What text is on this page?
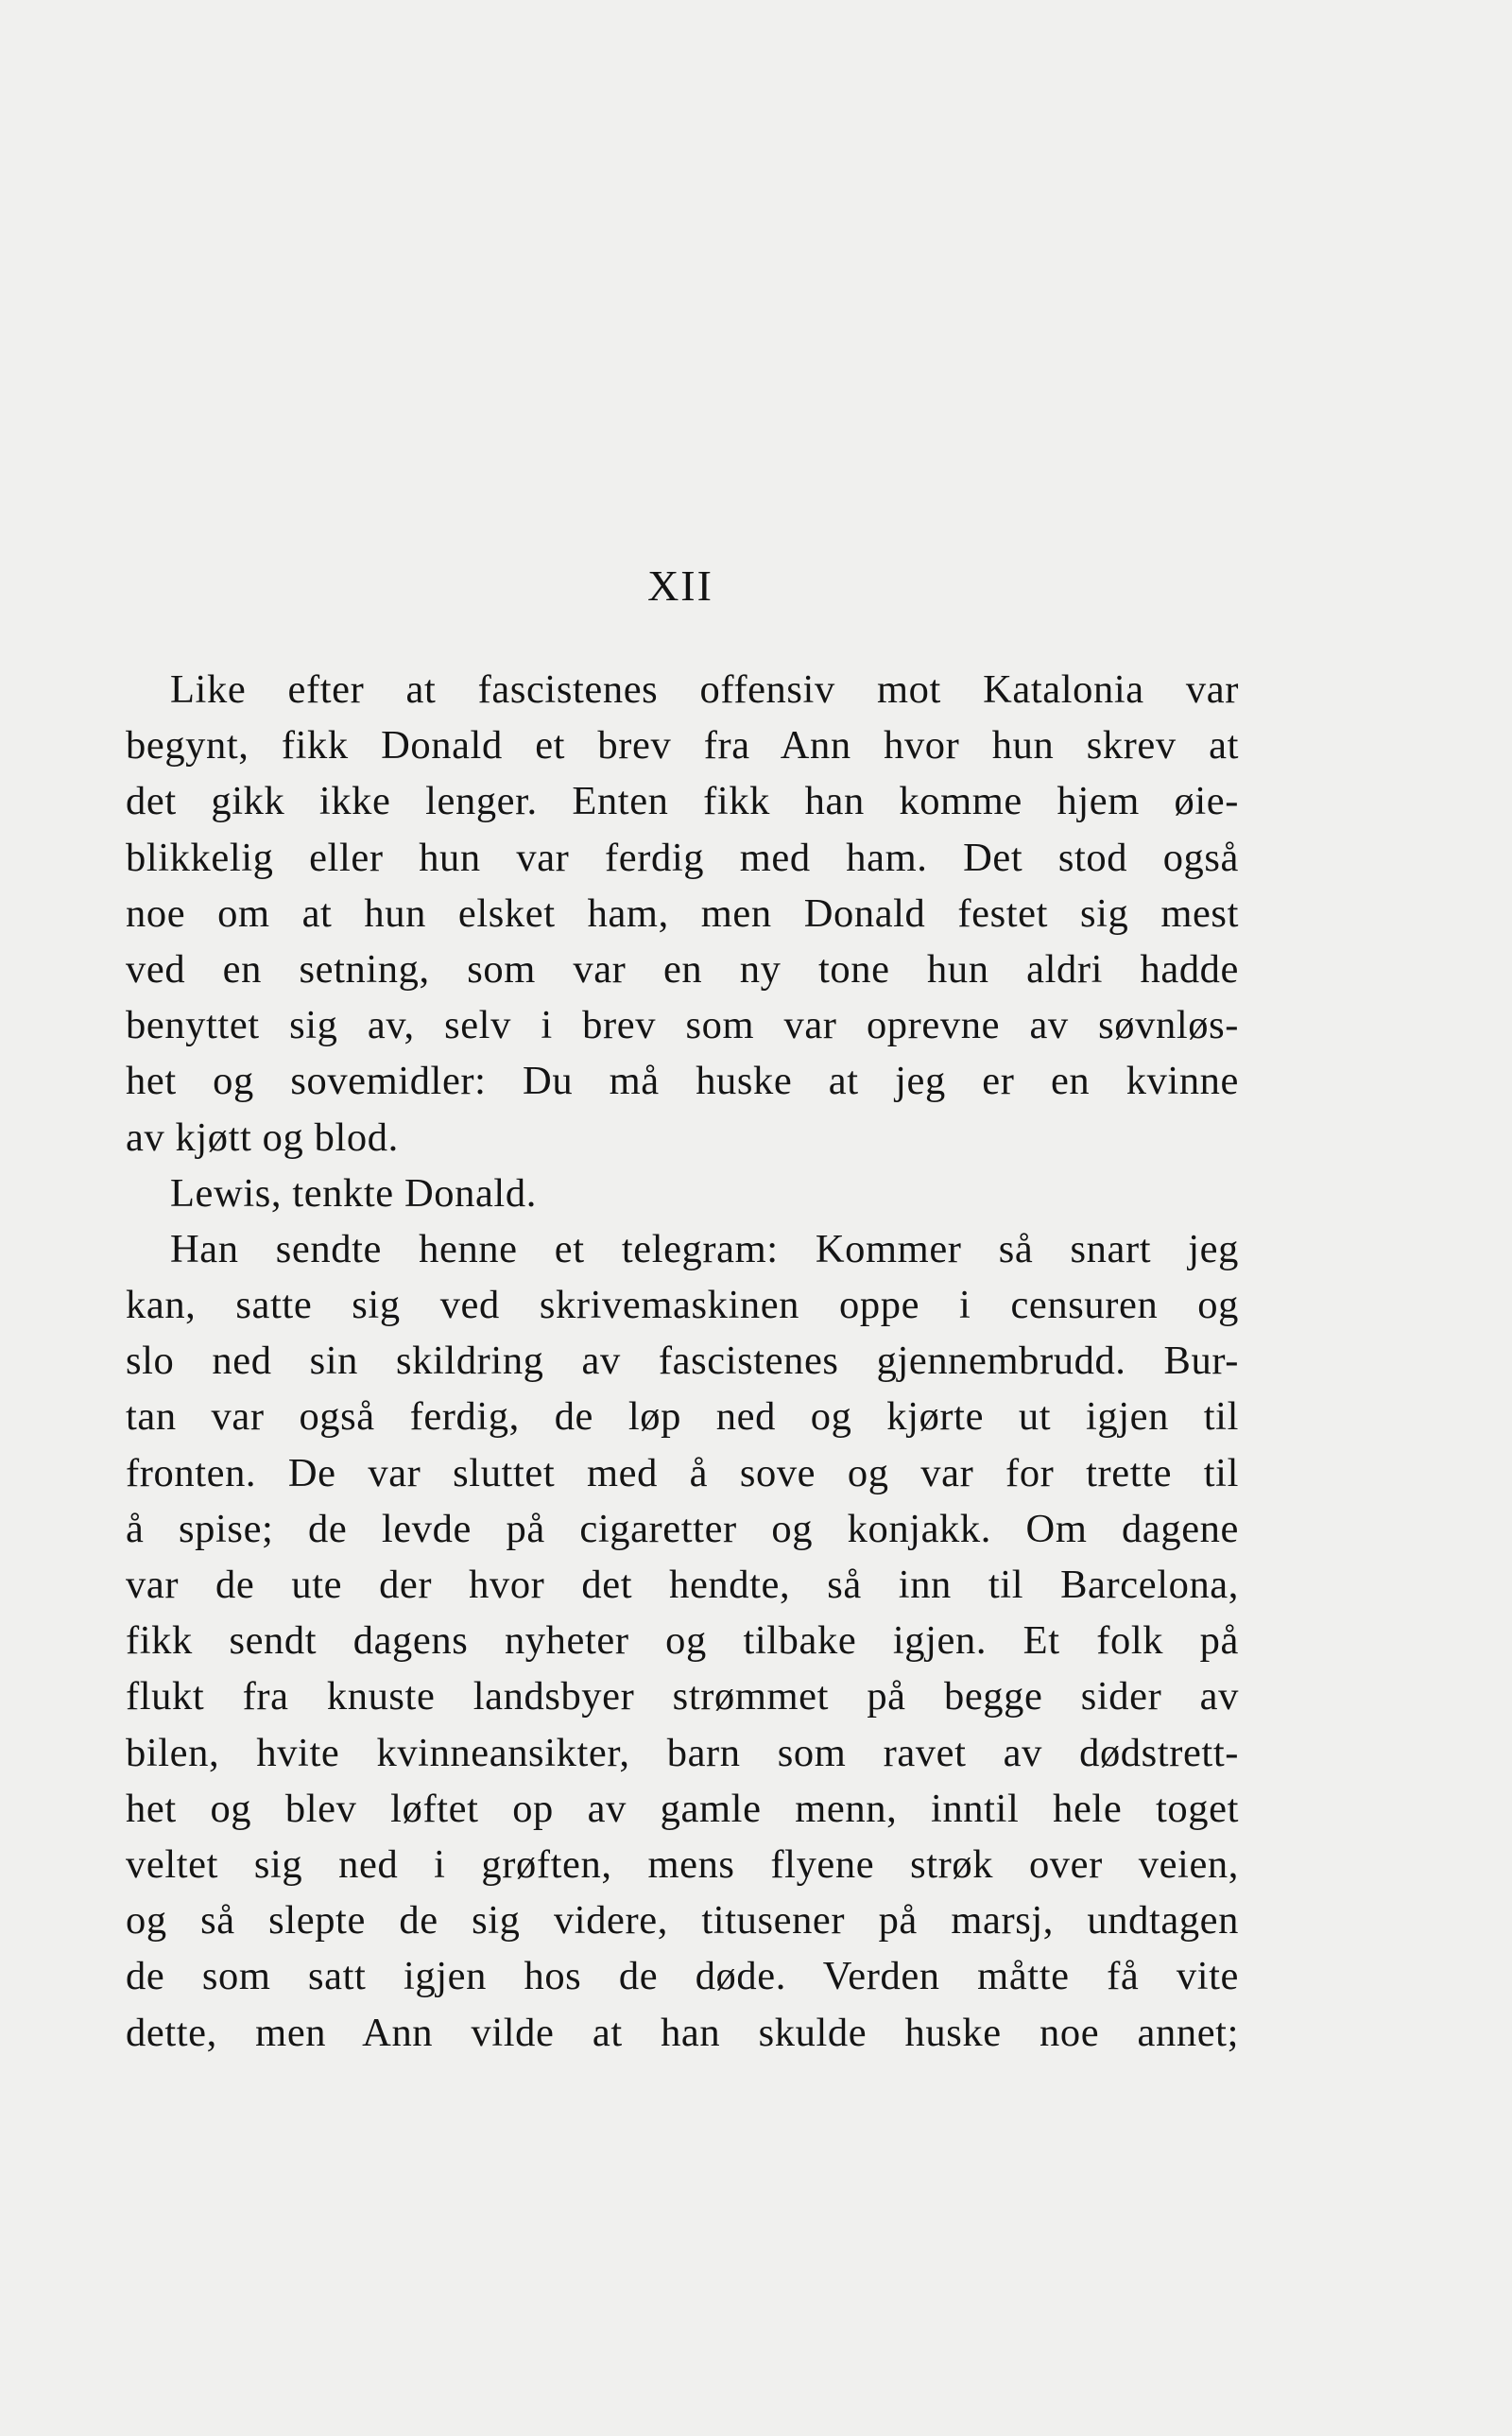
XII
Like efter at fascistenes offensiv mot Katalonia var
begynt, fikk Donald et brev fra Ann hvor hun skrev at
det gikk ikke lenger. Enten fikk han komme hjem øie-
blikkelig eller hun var ferdig med ham. Det stod også
noe om at hun elsket ham, men Donald festet sig mest
ved en setning, som var en ny tone hun aldri hadde
benyttet sig av, selv i brev som var oprevne av søvnløs-
het og sovemidler: Du må huske at jeg er en kvinne
av kjøtt og blod.
Lewis, tenkte Donald.
Han sendte henne et telegram: Kommer så snart jeg
kan, satte sig ved skrivemaskinen oppe i censuren og
slo ned sin skildring av fascistenes gjennembrudd. Bur-
tan var også ferdig, de løp ned og kjørte ut igjen til
fronten. De var sluttet med å sove og var for trette til
å spise; de levde på cigaretter og konjakk. Om dagene
var de ute der hvor det hendte, så inn til Barcelona,
fikk sendt dagens nyheter og tilbake igjen. Et folk på
flukt fra knuste landsbyer strømmet på begge sider av
bilen, hvite kvinneansikter, barn som ravet av dødstrett-
het og blev løftet op av gamle menn, inntil hele toget
veltet sig ned i grøften, mens flyene strøk over veien,
og så slepte de sig videre, titusener på marsj, undtagen
de som satt igjen hos de døde. Verden måtte få vite
dette, men Ann vilde at han skulde huske noe annet;
